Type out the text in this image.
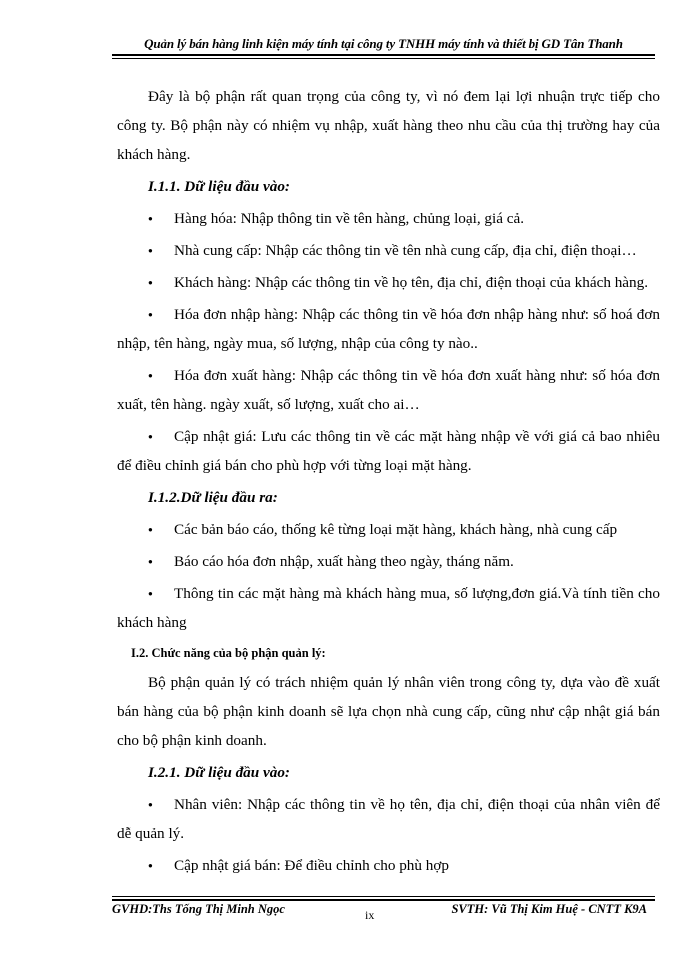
Quản lý bán hàng linh kiện máy tính tại công ty TNHH máy tính và thiết bị GD Tân Thanh

Đây là bộ phận rất quan trọng của công ty, vì nó đem lại lợi nhuận trực tiếp cho công ty. Bộ phận này có nhiệm vụ nhập, xuất hàng theo nhu cầu của thị trường hay của khách hàng.

I.1.1. Dữ liệu đầu vào:

●Hàng hóa: Nhập thông tin về tên hàng, chủng loại, giá cả.

●Nhà cung cấp: Nhập các thông tin về tên nhà cung cấp, địa chỉ, điện thoại…

●Khách hàng: Nhập các thông tin về họ tên, địa chỉ, điện thoại của khách hàng.

●Hóa đơn nhập hàng: Nhập các thông tin về hóa đơn nhập hàng như: số hoá đơn nhập, tên hàng, ngày mua, số lượng, nhập của công ty nào..

●Hóa đơn xuất hàng: Nhập các thông tin về hóa đơn xuất hàng như: số hóa đơn xuất, tên hàng. ngày xuất, số lượng, xuất cho ai…

●Cập nhật giá: Lưu các thông tin về các mặt hàng nhập về với giá cả bao nhiêu để điều chỉnh giá bán cho phù hợp với từng loại mặt hàng.

I.1.2.Dữ liệu đầu ra:

●Các bản báo cáo, thống kê từng loại mặt hàng, khách hàng, nhà cung cấp

●Báo cáo hóa đơn nhập, xuất hàng theo ngày, tháng năm.

●Thông tin các mặt hàng mà khách hàng mua, số lượng,đơn giá.Và tính tiền cho khách hàng

I.2. Chức năng của bộ phận quản lý:

Bộ phận quản lý có trách nhiệm quản lý nhân viên trong công ty, dựa vào đề xuất bán hàng của bộ phận kinh doanh sẽ lựa chọn nhà cung cấp, cũng như cập nhật giá bán cho bộ phận kinh doanh.

I.2.1. Dữ liệu đầu vào:

●Nhân viên: Nhập các thông tin về họ tên, địa chỉ, điện thoại của nhân viên để dễ quản lý.

●Cập nhật giá bán: Để điều chỉnh cho phù hợp

GVHD:Ths Tống Thị Minh Ngọc	ix	SVTH: Vũ Thị Kim Huệ - CNTT K9A
